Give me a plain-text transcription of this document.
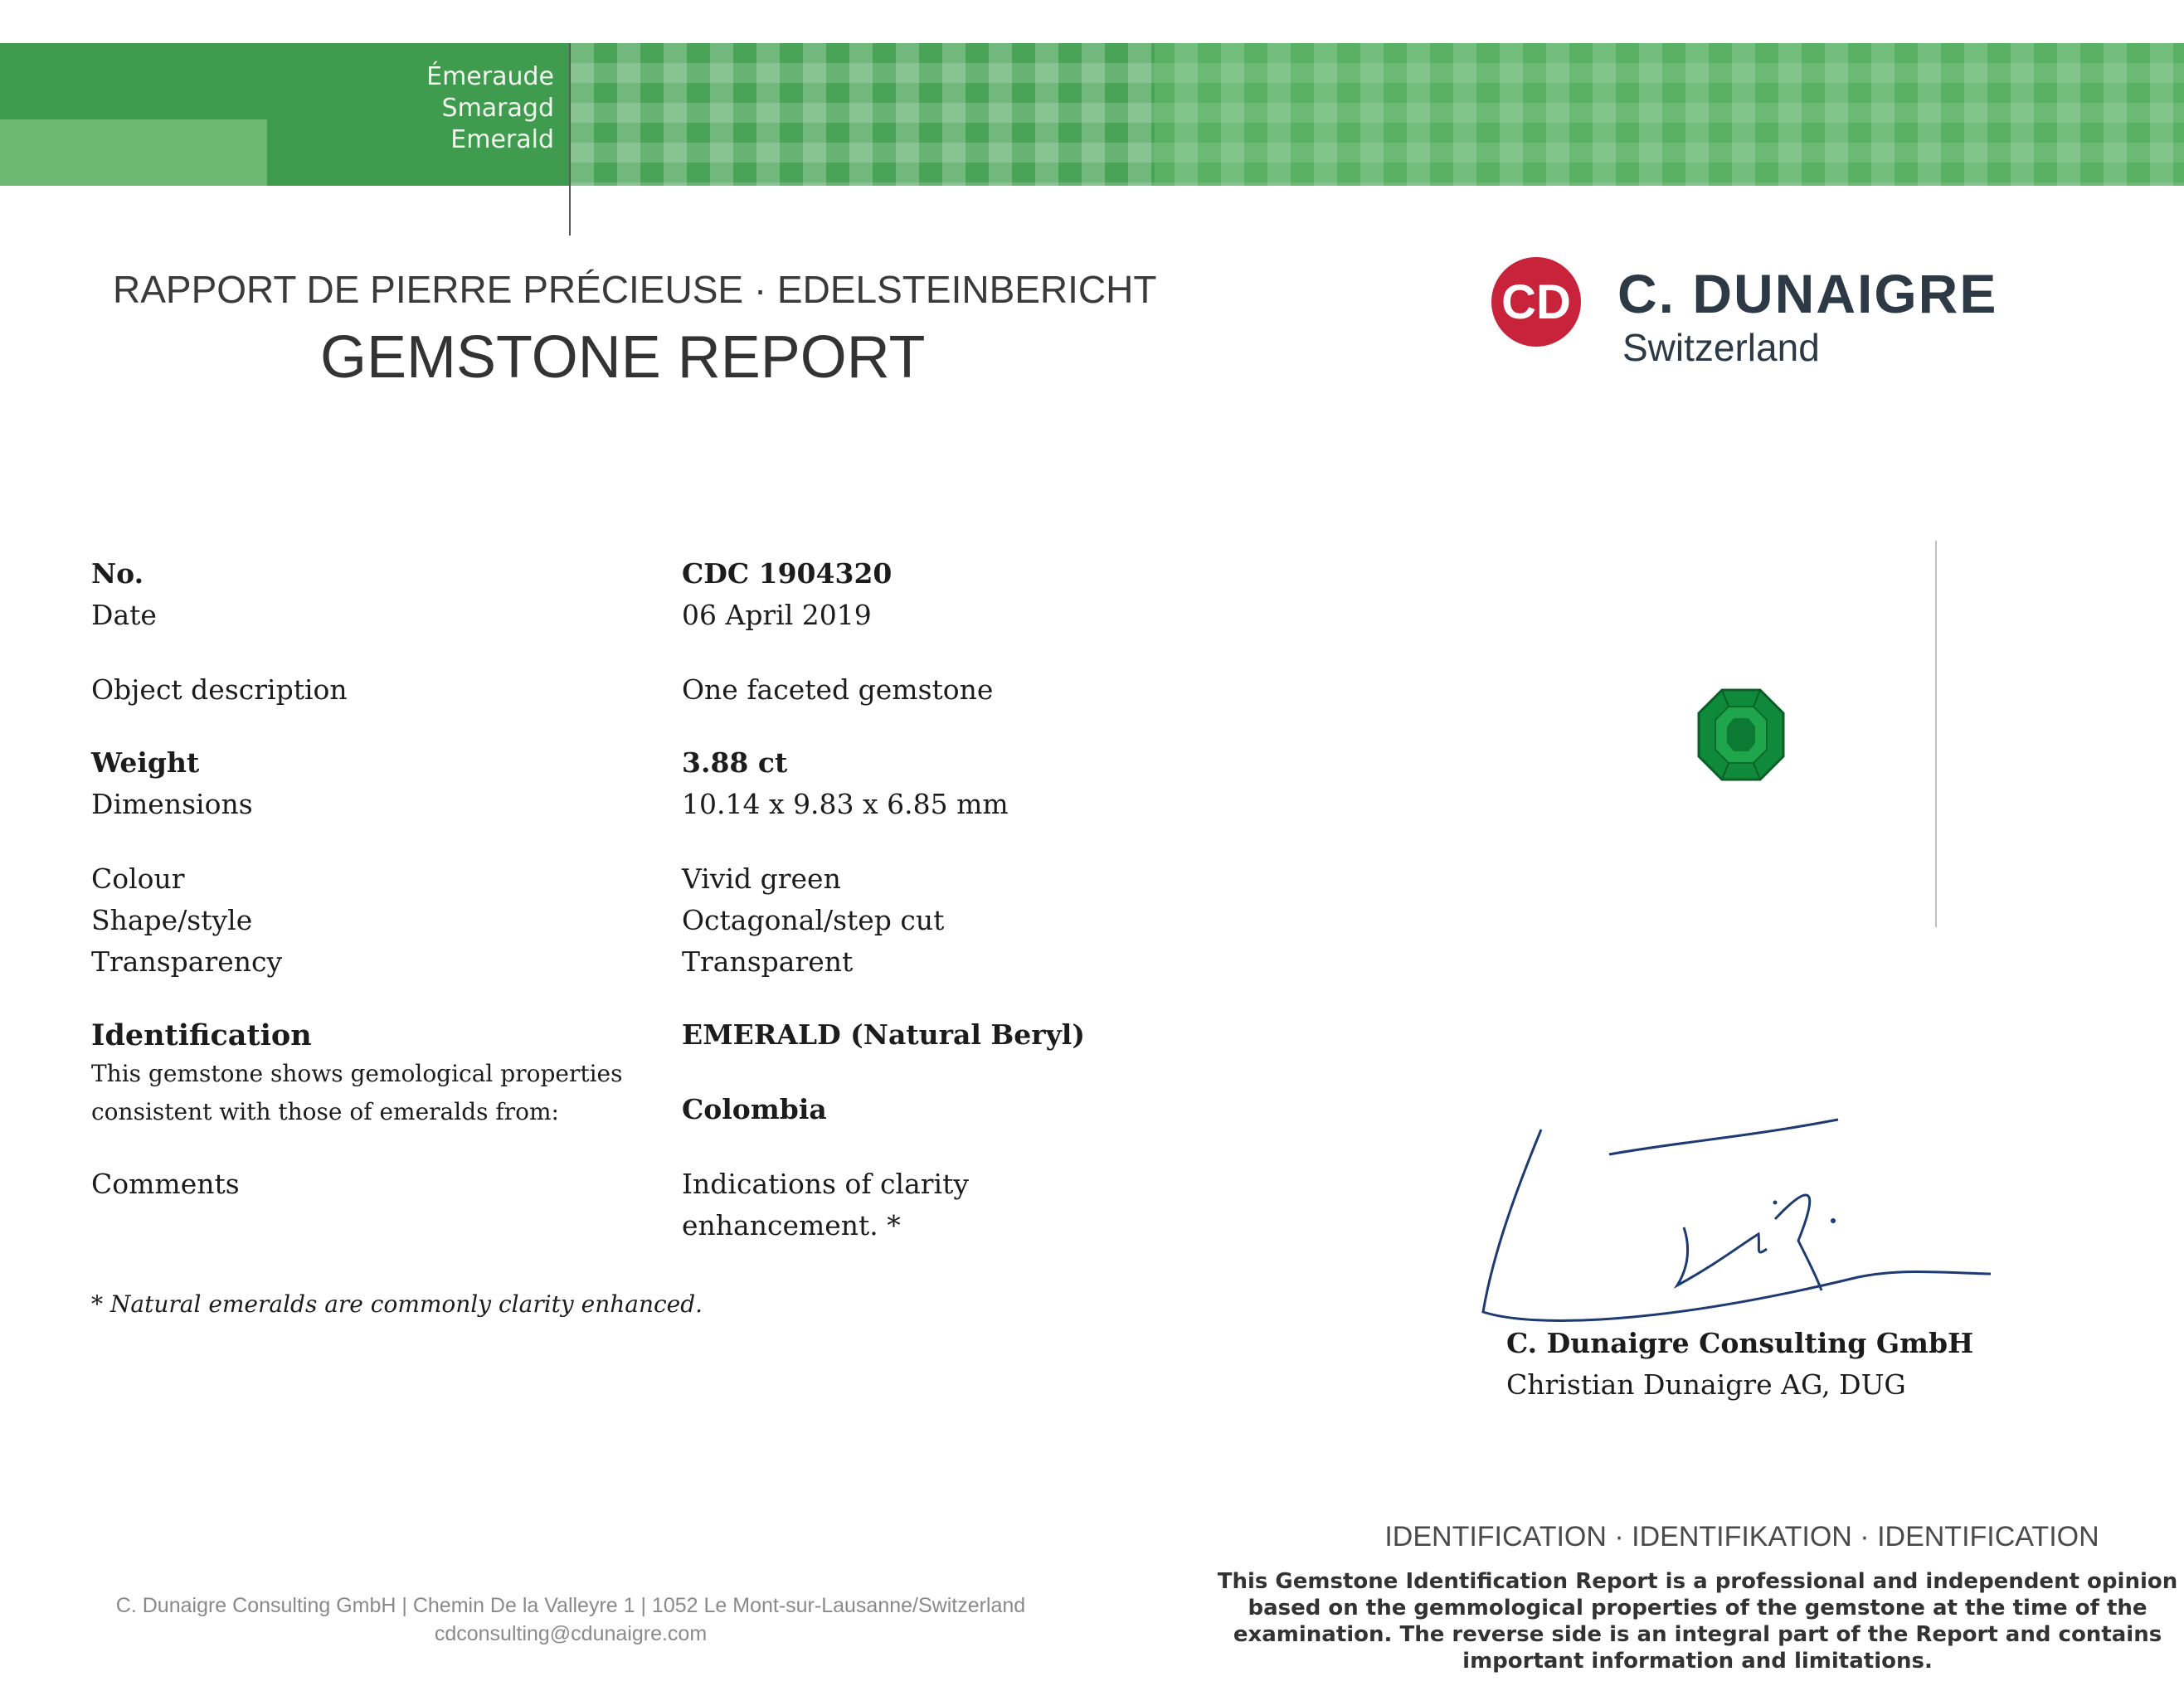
Émeraude
Smaragd
Emerald
RAPPORT DE PIERRE PRÉCIEUSE · EDELSTEINBERICHT
GEMSTONE REPORT
CD C. DUNAIGRE
Switzerland
No.	CDC 1904320
Date	06 April 2019
Object description	One faceted gemstone
Weight	3.88 ct
Dimensions	10.14 x 9.83 x 6.85 mm
Colour	Vivid green
Shape/style	Octagonal/step cut
Transparency	Transparent
Identification	EMERALD (Natural Beryl)
This gemstone shows gemological properties
consistent with those of emeralds from:	Colombia
Comments	Indications of clarity
enhancement. *
* Natural emeralds are commonly clarity enhanced.
C. Dunaigre Consulting GmbH
Christian Dunaigre AG, DUG
C. Dunaigre Consulting GmbH | Chemin De la Valleyre 1 | 1052 Le Mont-sur-Lausanne/Switzerland
cdconsulting@cdunaigre.com
IDENTIFICATION · IDENTIFIKATION · IDENTIFICATION
This Gemstone Identification Report is a professional and independent opinion
based on the gemmological properties of the gemstone at the time of the
examination. The reverse side is an integral part of the Report and contains
important information and limitations.
